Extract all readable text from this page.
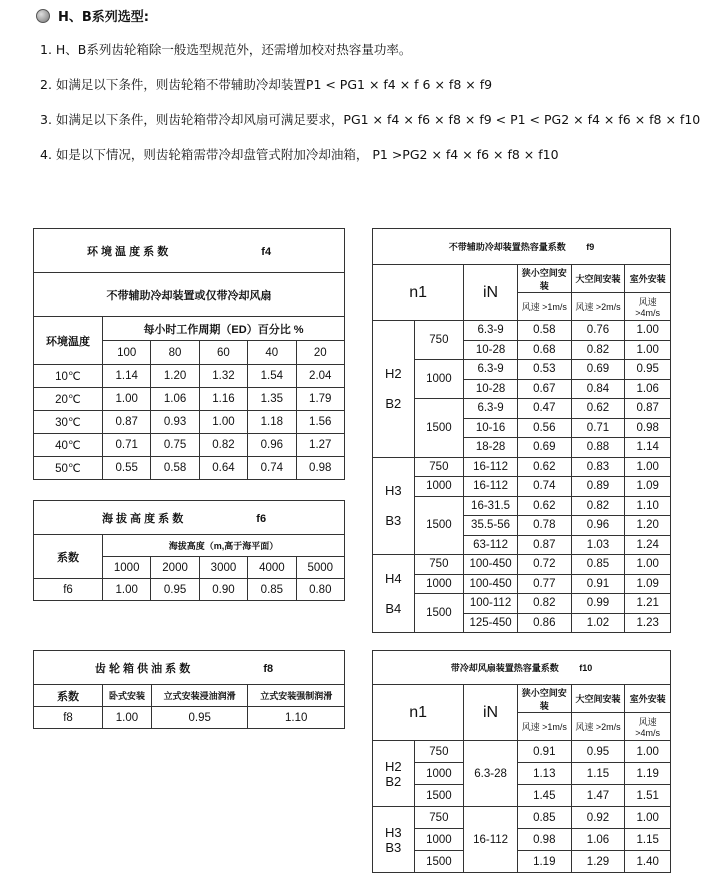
H、B系列选型:
1. H、B系列齿轮箱除一般选型规范外，还需增加校对热容量功率。
2. 如满足以下条件，则齿轮箱不带辅助冷却装置P1 < PG1 × f4 × f 6 × f8 × f9
3. 如满足以下条件，则齿轮箱带冷却风扇可满足要求，PG1 × f4 × f6 × f8 × f9 < P1 < PG2 × f4 × f6 × f8 × f10
4. 如是以下情况，则齿轮箱需带冷却盘管式附加冷却油箱， P1 >PG2 × f4 × f6 × f8 × f10
环 境 温 度 系 数 f4					
不带辅助冷却装置或仅带冷却风扇					
环境温度	每小时工作周期（ED）百分比 %				
	100	80	60	40	20
10℃	1.14	1.20	1.32	1.54	2.04
20℃	1.00	1.06	1.16	1.35	1.79
30℃	0.87	0.93	1.00	1.18	1.56
40℃	0.71	0.75	0.82	0.96	1.27
50℃	0.55	0.58	0.64	0.74	0.98
海 拔 高 度 系 数 f6					
系数	海拔高度（m,高于海平面）				
	1000	2000	3000	4000	5000
f6	1.00	0.95	0.90	0.85	0.80
齿 轮 箱 供 油 系 数 f8			
系数	卧式安装	立式安装浸油润滑	立式安装强制润滑
f8	1.00	0.95	1.10
不带辅助冷却装置热容量系数 f9					
n1		iN	狭小空间安装	大空间安装	室外安装
			风速 >1m/s	风速 >2m/s	风速 >4m/s
H2

B2	750	6.3-9	0.58	0.76	1.00
		10-28	0.68	0.82	1.00
	1000	6.3-9	0.53	0.69	0.95
		10-28	0.67	0.84	1.06
	1500	6.3-9	0.47	0.62	0.87
		10-16	0.56	0.71	0.98
		18-28	0.69	0.88	1.14
H3

B3	750	16-112	0.62	0.83	1.00
	1000	16-112	0.74	0.89	1.09
	1500	16-31.5	0.62	0.82	1.10
		35.5-56	0.78	0.96	1.20
		63-112	0.87	1.03	1.24
H4

B4	750	100-450	0.72	0.85	1.00
	1000	100-450	0.77	0.91	1.09
	1500	100-112	0.82	0.99	1.21
		125-450	0.86	1.02	1.23
带冷却风扇装置热容量系数 f10					
n1		iN	狭小空间安装	大空间安装	室外安装
			风速 >1m/s	风速 >2m/s	风速 >4m/s
H2
B2	750	6.3-28	0.91	0.95	1.00
	1000		1.13	1.15	1.19
	1500		1.45	1.47	1.51
H3
B3	750	16-112	0.85	0.92	1.00
	1000		0.98	1.06	1.15
	1500		1.19	1.29	1.40
